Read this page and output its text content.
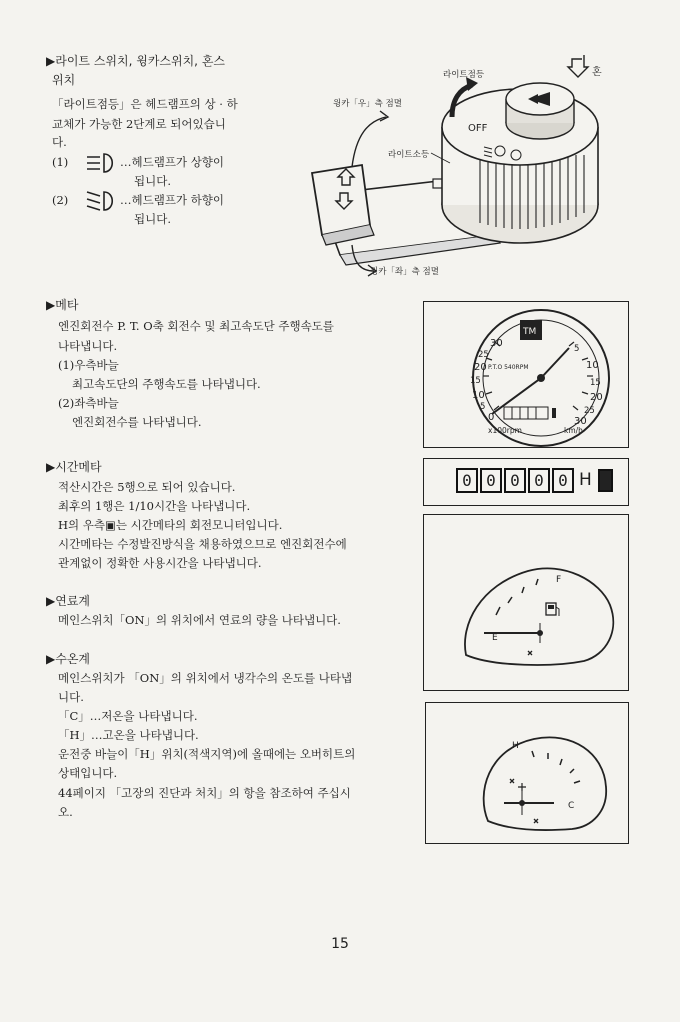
▶라이트 스위치, 윙카스위치, 혼스
위치
「라이트점등」은 헤드램프의 상 · 하
교체가 가능한 2단계로 되어있습니
다.
(1)	…헤드램프가 상향이
됩니다.
(2)	…헤드램프가 하향이
됩니다.
OFF
라이트점등	혼
윙카「우」측 점멸
라이트소등
윙카「좌」측 점멸
▶메타
엔진회전수 P. T. O축 회전수 및 최고속도단 주행속도를
나타냅니다.
(1)우측바늘
최고속도단의 주행속도를 나타냅니다.
(2)좌측바늘
엔진회전수를 나타냅니다.
TM
30
25
20
15
10
5
0
5
10
15
20
25
30
P.T.O 540RPM
x100rpm	km/h
▶시간메타
적산시간은 5행으로 되어 있습니다.
최후의 1행은 1/10시간을 나타냅니다.
H의 우측▣는 시간메타의 회전모니터입니다.
시간메타는 수정발진방식을 채용하였으므로 엔진회전수에
관계없이 정확한 사용시간을 나타냅니다.
0 0 0 0 0 H
▶연료계
메인스위치「ON」의 위치에서 연료의 량을 나타냅니다.
E
F
▶수온계
메인스위치가 「ON」의 위치에서 냉각수의 온도를 나타냅
니다.
「C」…저온을 나타냅니다.
「H」…고온을 나타냅니다.
운전중 바늘이「H」위치(적색지역)에 올때에는 오버히트의
상태입니다.
44페이지 「고장의 진단과 처치」의 항을 참조하여 주십시
오.
H
C
15
